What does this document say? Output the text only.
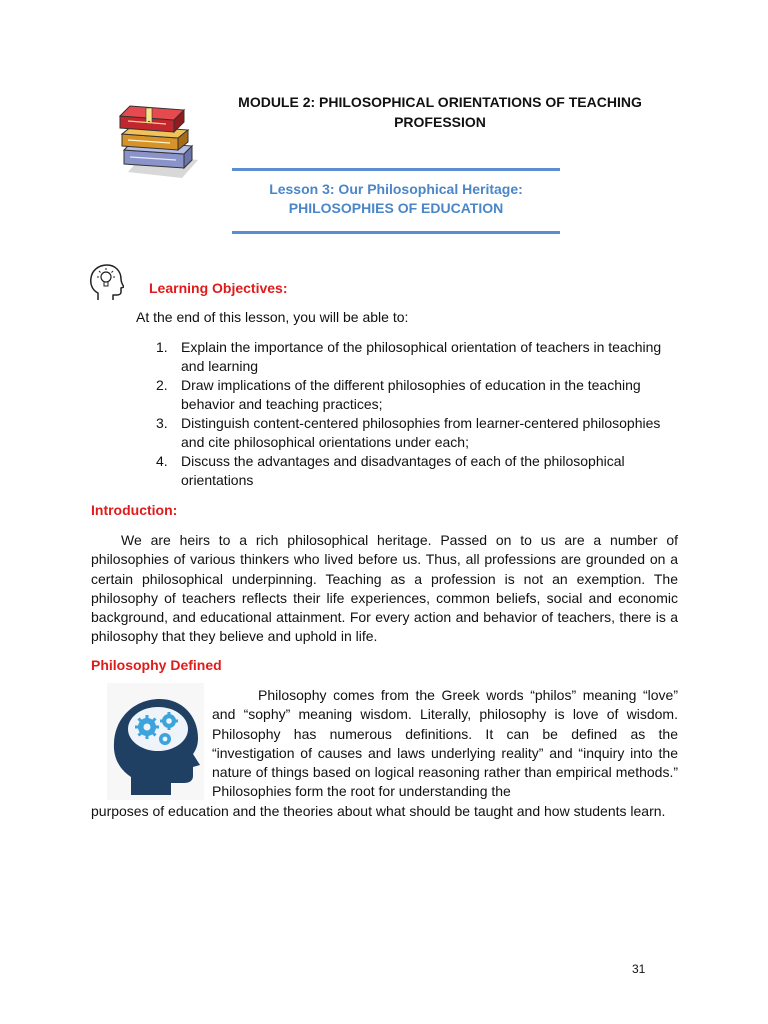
MODULE 2: PHILOSOPHICAL ORIENTATIONS OF TEACHING
PROFESSION
Lesson 3: Our Philosophical Heritage:
PHILOSOPHIES OF EDUCATION
Learning Objectives:
At the end of this lesson, you will be able to:
1. Explain the importance of the philosophical orientation of teachers in teaching and learning
2. Draw implications of the different philosophies of education in the teaching behavior and teaching practices;
3. Distinguish content-centered philosophies from learner-centered philosophies and cite philosophical orientations under each;
4. Discuss the advantages and disadvantages of each of the philosophical orientations
Introduction:

We are heirs to a rich philosophical heritage. Passed on to us are a number of philosophies of various thinkers who lived before us. Thus, all professions are grounded on a certain philosophical underpinning. Teaching as a profession is not an exemption. The philosophy of teachers reflects their life experiences, common beliefs, social and economic background, and educational attainment. For every action and behavior of teachers, there is a philosophy that they believe and uphold in life.

Philosophy Defined

Philosophy comes from the Greek words “philos” meaning “love” and “sophy” meaning wisdom. Literally, philosophy is love of wisdom. Philosophy has numerous definitions. It can be defined as the “investigation of causes and laws underlying reality” and “inquiry into the nature of things based on logical reasoning rather than empirical methods.” Philosophies form the root for understanding the

purposes of education and the theories about what should be taught and how students learn.

31
